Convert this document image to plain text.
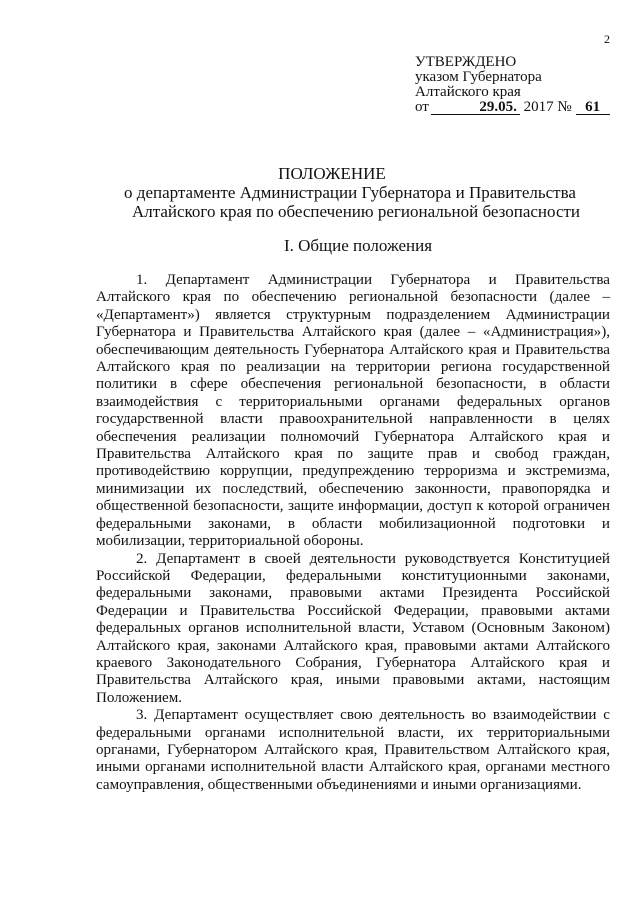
2
УТВЕРЖДЕНО
указом Губернатора
Алтайского края
от	29.05. 2017 № 61
ПОЛОЖЕНИЕ
о департаменте Администрации Губернатора и Правительства
Алтайского края по обеспечению региональной безопасности
I. Общие положения

1. Департамент Администрации Губернатора и Правительства Алтайского края по обеспечению региональной безопасности (далее – «Департамент») является структурным подразделением Администрации Губернатора и Правительства Алтайского края (далее – «Администрация»), обеспечивающим деятельность Губернатора Алтайского края и Правительства Алтайского края по реализации на территории региона государственной политики в сфере обеспечения региональной безопасности, в области взаимодействия с территориальными органами федеральных органов государственной власти правоохранительной направленности в целях обеспечения реализации полномочий Губернатора Алтайского края и Правительства Алтайского края по защите прав и свобод граждан, противодействию коррупции, предупреждению терроризма и экстремизма, минимизации их последствий, обеспечению законности, правопорядка и общественной безопасности, защите информации, доступ к которой ограничен федеральными законами, в области мобилизационной подготовки и мобилизации, территориальной обороны.

2. Департамент в своей деятельности руководствуется Конституцией Российской Федерации, федеральными конституционными законами, федеральными законами, правовыми актами Президента Российской Федерации и Правительства Российской Федерации, правовыми актами федеральных органов исполнительной власти, Уставом (Основным Законом) Алтайского края, законами Алтайского края, правовыми актами Алтайского краевого Законодательного Собрания, Губернатора Алтайского края и Правительства Алтайского края, иными правовыми актами, настоящим Положением.

3. Департамент осуществляет свою деятельность во взаимодействии с федеральными органами исполнительной власти, их территориальными органами, Губернатором Алтайского края, Правительством Алтайского края, иными органами исполнительной власти Алтайского края, органами местного самоуправления, общественными объединениями и иными организациями.
